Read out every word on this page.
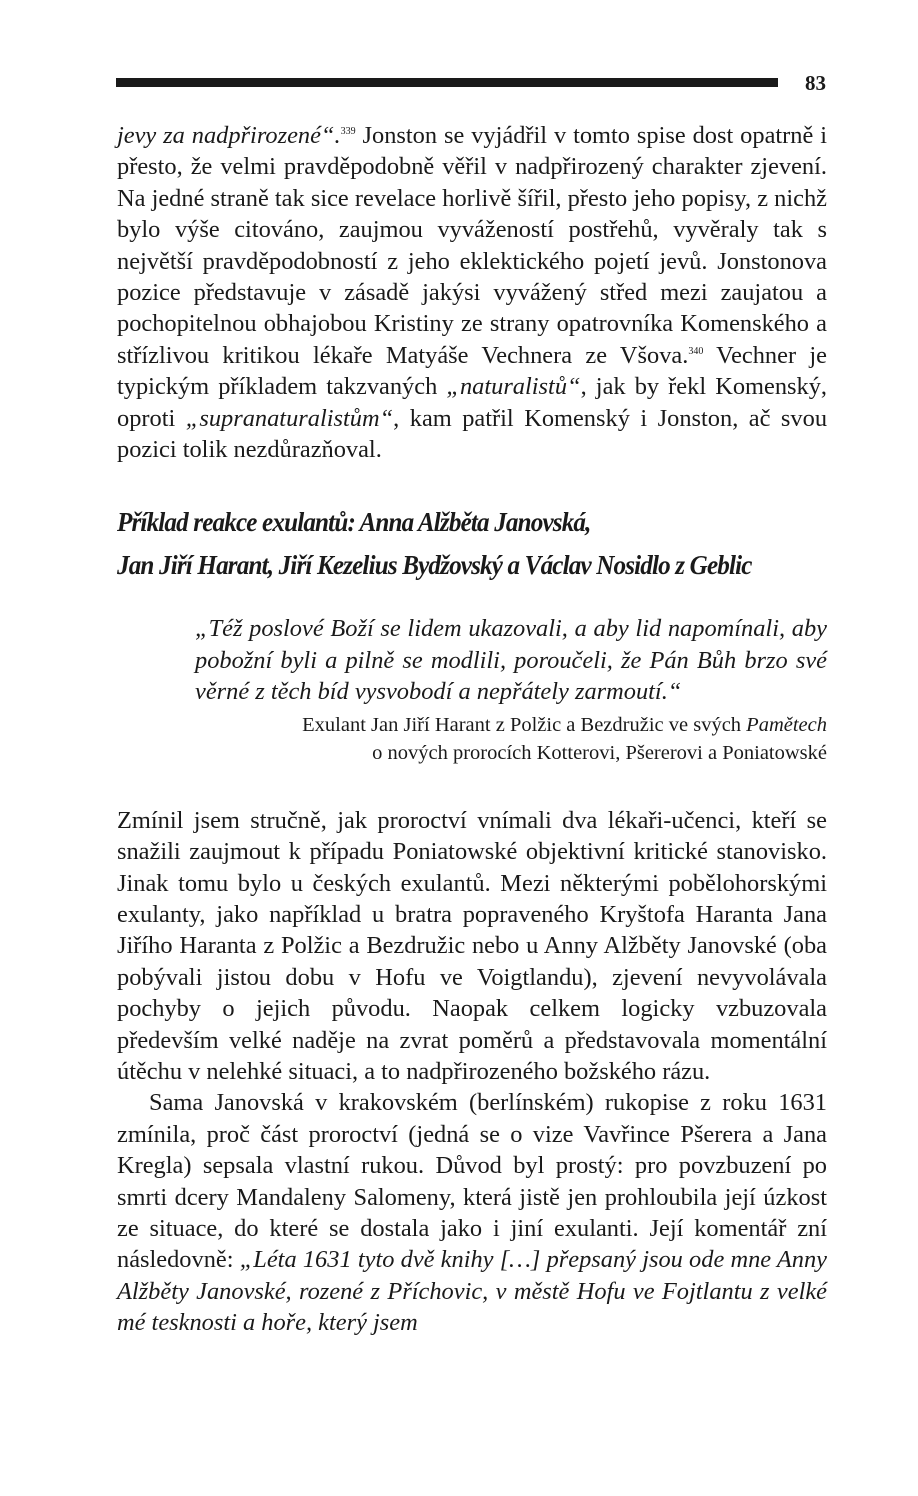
83

jevy za nadpřirozené“.$^{339}$ Jonston se vyjádřil v tomto spise dost opatrně i přesto, že velmi pravděpodobně věřil v nadpřirozený charakter zjevení. Na jedné straně tak sice revelace horlivě šířil, přesto jeho popisy, z nichž bylo výše citováno, zaujmou vyvážeností postřehů, vyvěraly tak s největší pravděpodobností z jeho eklektického pojetí jevů. Jonstonova pozice představuje v zásadě jakýsi vyvážený střed mezi zaujatou a pochopitelnou obhajobou Kristiny ze strany opatrovníka Komenského a střízlivou kritikou lékaře Matyáše Vechnera ze Všova.$^{340}$ Vechner je typickým příkladem takzvaných „naturalistů“, jak by řekl Komenský, oproti „supranaturalistům“, kam patřil Komenský i Jonston, ač svou pozici tolik nezdůrazňoval.

Příklad reakce exulantů: Anna Alžběta Janovská,
Jan Jiří Harant, Jiří Kezelius Bydžovský a Václav Nosidlo z Geblic
„Též poslové Boží se lidem ukazovali, a aby lid napomínali, aby pobožní byli a pilně se modlili, poroučeli, že Pán Bůh brzo své věrné z těch bíd vysvobodí a nepřátely zarmoutí.“
Exulant Jan Jiří Harant z Polžic a Bezdružic ve svých Pamětech
o nových prorocích Kotterovi, Pšererovi a Poniatowské

Zmínil jsem stručně, jak proroctví vnímali dva lékaři-učenci, kteří se snažili zaujmout k případu Poniatowské objektivní kritické stanovisko. Jinak tomu bylo u českých exulantů. Mezi některými pobělohorskými exulanty, jako například u bratra popraveného Kryštofa Haranta Jana Jiřího Haranta z Polžic a Bezdružic nebo u Anny Alžběty Janovské (oba pobývali jistou dobu v Hofu ve Voigtlandu), zjevení nevyvolávala pochyby o jejich původu. Naopak celkem logicky vzbuzovala především velké naděje na zvrat poměrů a představovala momentální útěchu v nelehké situaci, a to nadpřirozeného božského rázu.

Sama Janovská v krakovském (berlínském) rukopise z roku 1631 zmínila, proč část proroctví (jedná se o vize Vavřince Pšerera a Jana Kregla) sepsala vlastní rukou. Důvod byl prostý: pro povzbuzení po smrti dcery Mandaleny Salomeny, která jistě jen prohloubila její úzkost ze situace, do které se dostala jako i jiní exulanti. Její komentář zní následovně: „Léta 1631 tyto dvě knihy […] přepsaný jsou ode mne Anny Alžběty Janovské, rozené z Příchovic, v městě Hofu ve Fojtlantu z velké mé tesknosti a hoře, který jsem
